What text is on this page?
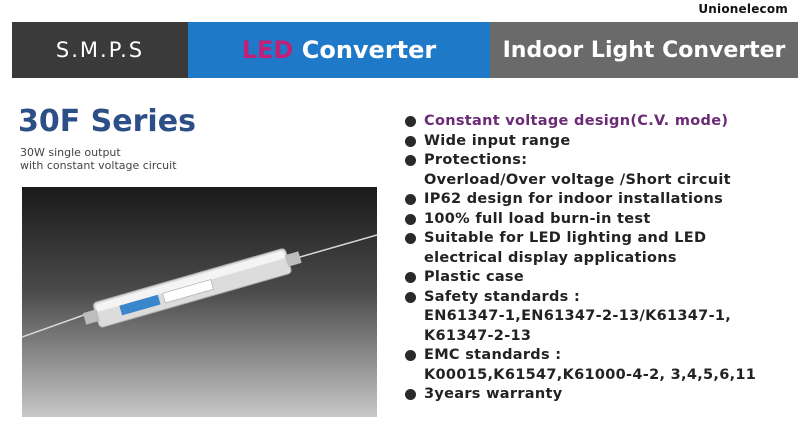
Unionelecom
S.M.P.S	LED Converter	Indoor Light Converter
30F Series
30W single output
with constant voltage circuit
Constant voltage design(C.V. mode)
Wide input range
Protections:
Overload/Over voltage /Short circuit
IP62 design for indoor installations
100% full load burn-in test
Suitable for LED lighting and LED
electrical display applications
Plastic case
Safety standards :
EN61347-1,EN61347-2-13/K61347-1,
K61347-2-13
EMC standards :
K00015,K61547,K61000-4-2, 3,4,5,6,11
3years warranty
